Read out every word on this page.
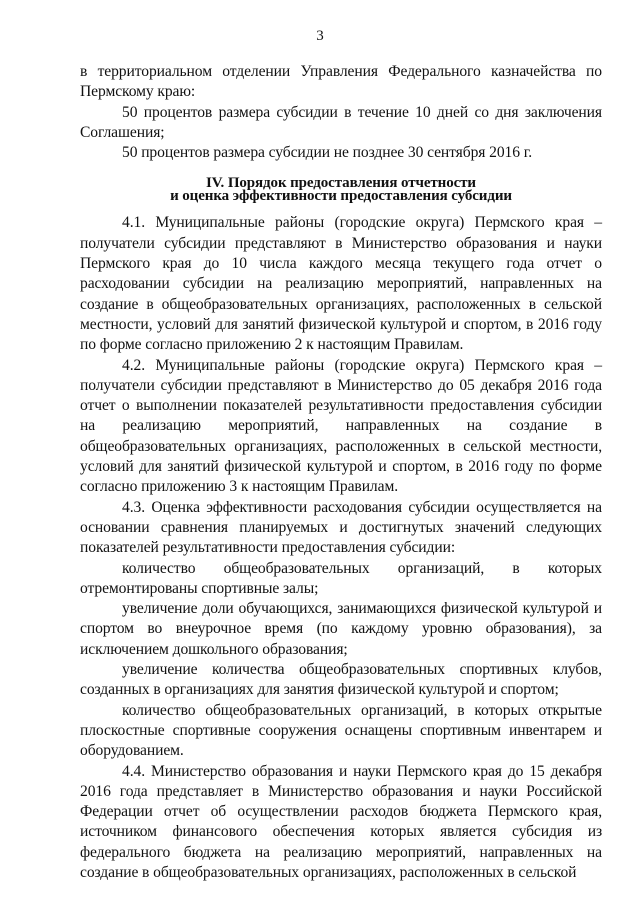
3

в территориальном отделении Управления Федерального казначейства по Пермскому краю:

50 процентов размера субсидии в течение 10 дней со дня заключения Соглашения;

50 процентов размера субсидии не позднее 30 сентября 2016 г.

IV. Порядок предоставления отчетности
и оценка эффективности предоставления субсидии

4.1. Муниципальные районы (городские округа) Пермского края – получатели субсидии представляют в Министерство образования и науки Пермского края до 10 числа каждого месяца текущего года отчет о расходовании субсидии на реализацию мероприятий, направленных на создание в общеобразовательных организациях, расположенных в сельской местности, условий для занятий физической культурой и спортом, в 2016 году по форме согласно приложению 2 к настоящим Правилам.

4.2. Муниципальные районы (городские округа) Пермского края – получатели субсидии представляют в Министерство до 05 декабря 2016 года отчет о выполнении показателей результативности предоставления субсидии на реализацию мероприятий, направленных на создание в общеобразовательных организациях, расположенных в сельской местности, условий для занятий физической культурой и спортом, в 2016 году по форме согласно приложению 3 к настоящим Правилам.

4.3. Оценка эффективности расходования субсидии осуществляется на основании сравнения планируемых и достигнутых значений следующих показателей результативности предоставления субсидии:

количество общеобразовательных организаций, в которых отремонтированы спортивные залы;

увеличение доли обучающихся, занимающихся физической культурой и спортом во внеурочное время (по каждому уровню образования), за исключением дошкольного образования;

увеличение количества общеобразовательных спортивных клубов, созданных в организациях для занятия физической культурой и спортом;

количество общеобразовательных организаций, в которых открытые плоскостные спортивные сооружения оснащены спортивным инвентарем и оборудованием.

4.4. Министерство образования и науки Пермского края до 15 декабря 2016 года представляет в Министерство образования и науки Российской Федерации отчет об осуществлении расходов бюджета Пермского края, источником финансового обеспечения которых является субсидия из федерального бюджета на реализацию мероприятий, направленных на создание в общеобразовательных организациях, расположенных в сельской
